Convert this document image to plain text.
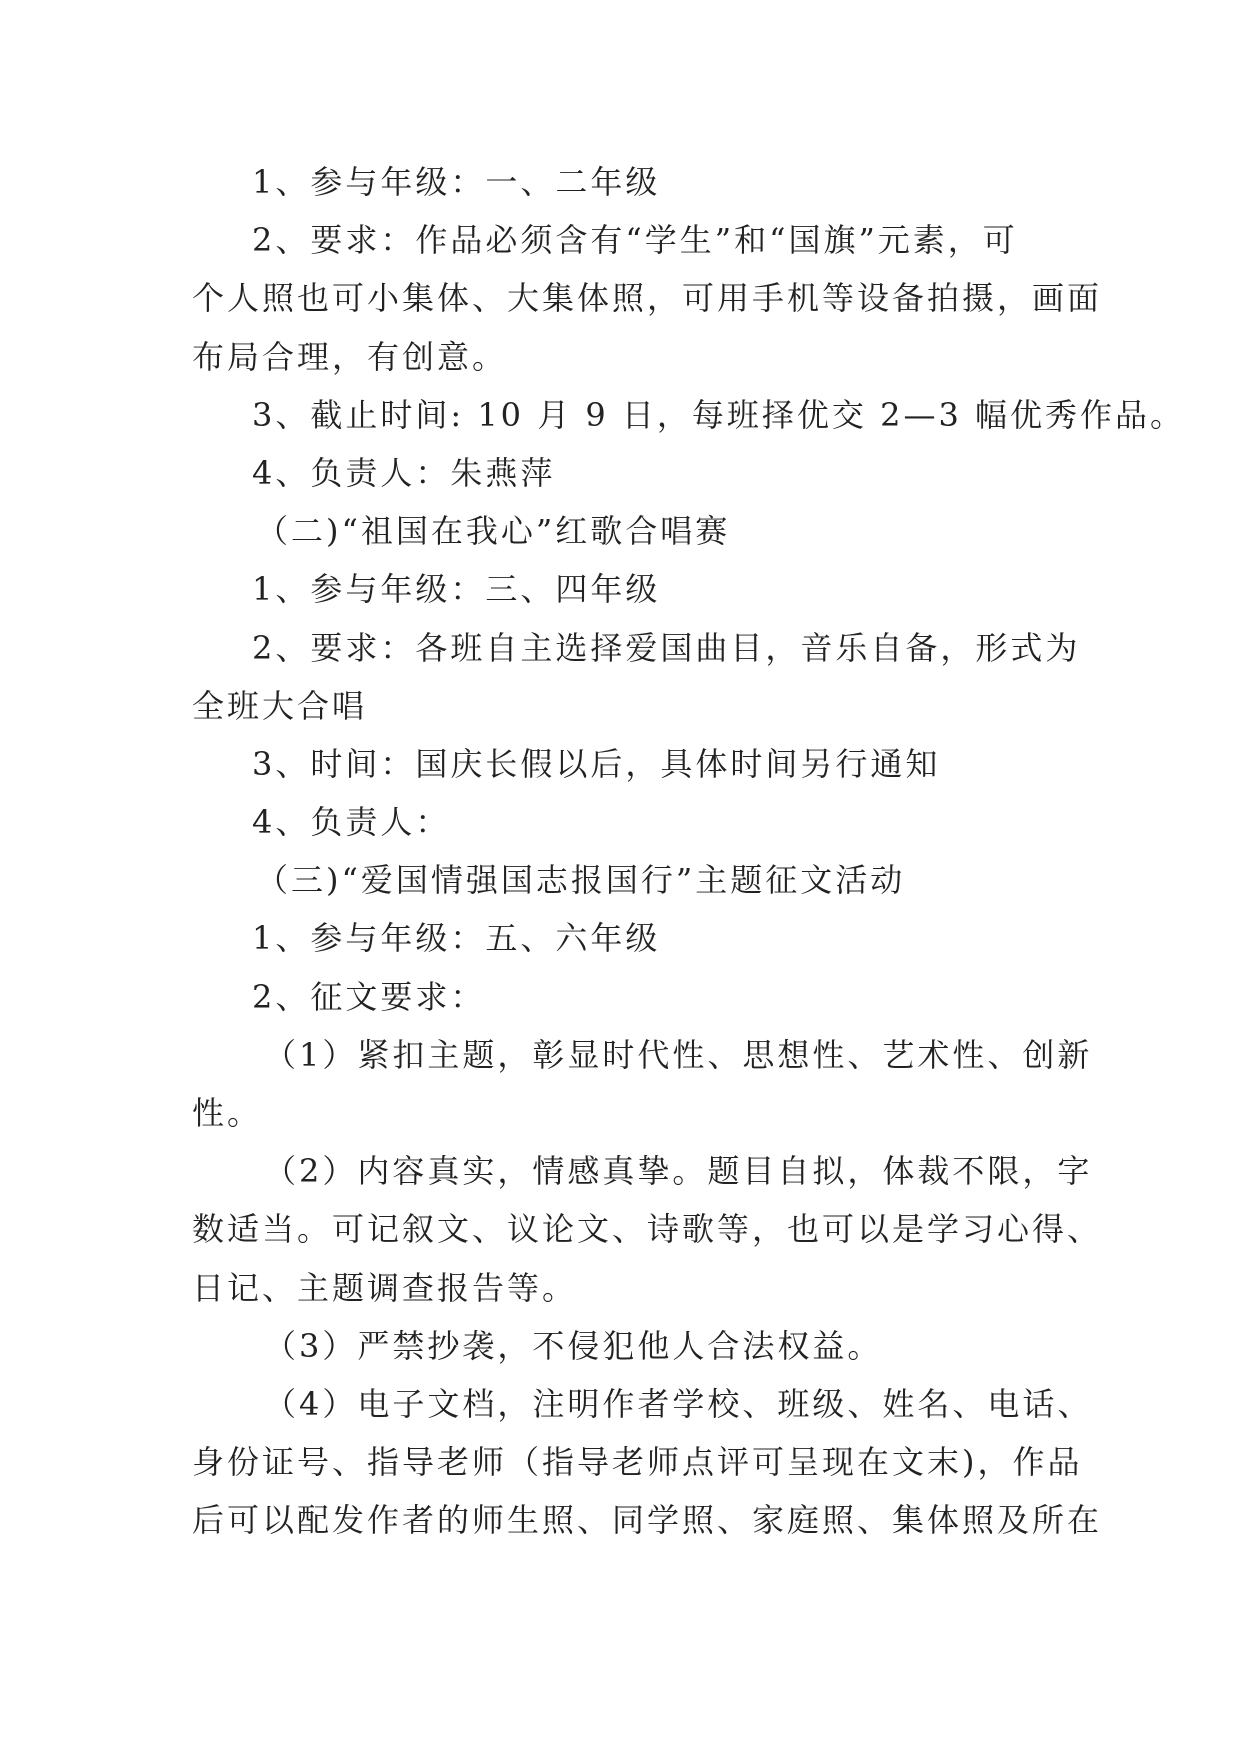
1、参与年级：一、二年级
2、要求：作品必须含有“学生”和“国旗”元素，可
个人照也可小集体、大集体照，可用手机等设备拍摄，画面
布局合理，有创意。
3、截止时间: 10 月 9 日，每班择优交 2—3 幅优秀作品。
4、负责人：朱燕萍
（二)“祖国在我心”红歌合唱赛
1、参与年级：三、四年级
2、要求：各班自主选择爱国曲目，音乐自备，形式为
全班大合唱
3、时间：国庆长假以后，具体时间另行通知
4、负责人：
（三)“爱国情强国志报国行”主题征文活动
1、参与年级：五、六年级
2、征文要求：
（1）紧扣主题，彰显时代性、思想性、艺术性、创新
性。
（2）内容真实，情感真挚。题目自拟，体裁不限，字
数适当。可记叙文、议论文、诗歌等，也可以是学习心得、
日记、主题调查报告等。
（3）严禁抄袭，不侵犯他人合法权益。
（4）电子文档，注明作者学校、班级、姓名、电话、
身份证号、指导老师（指导老师点评可呈现在文末)，作品
后可以配发作者的师生照、同学照、家庭照、集体照及所在
